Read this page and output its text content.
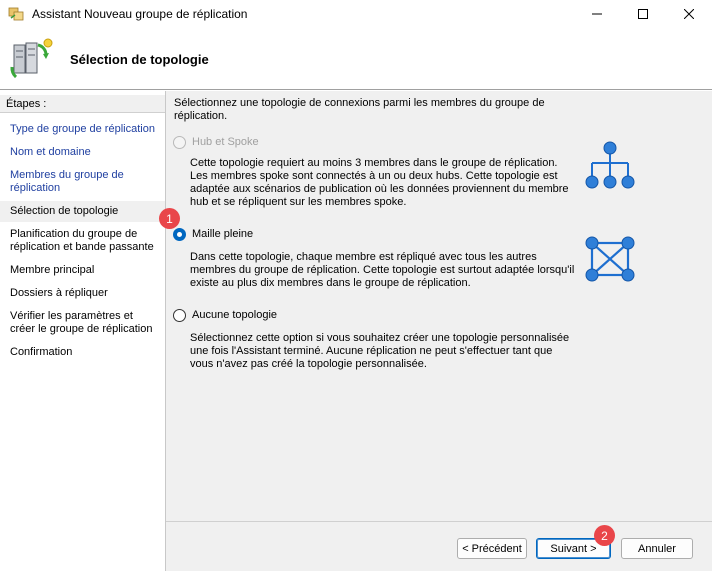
Assistant Nouveau groupe de réplication
Sélection de topologie
Étapes :
Type de groupe de réplication
Nom et domaine
Membres du groupe de réplication
Sélection de topologie
Planification du groupe de réplication et bande passante
Membre principal
Dossiers à répliquer
Vérifier les paramètres et créer le groupe de réplication
Confirmation
Sélectionnez une topologie de connexions parmi les membres du groupe de réplication.
Hub et Spoke
Cette topologie requiert au moins 3 membres dans le groupe de réplication. Les membres spoke sont connectés à un ou deux hubs. Cette topologie est adaptée aux scénarios de publication où les données proviennent du membre hub et se répliquent sur les membres spoke.
Maille pleine
Dans cette topologie, chaque membre est répliqué avec tous les autres membres du groupe de réplication. Cette topologie est surtout adaptée lorsqu'il existe au plus dix membres dans le groupe de réplication.
Aucune topologie
Sélectionnez cette option si vous souhaitez créer une topologie personnalisée une fois l'Assistant terminé. Aucune réplication ne peut s'effectuer tant que vous n'avez pas créé la topologie personnalisée.
< Précédent	Suivant >	Annuler
1
2
